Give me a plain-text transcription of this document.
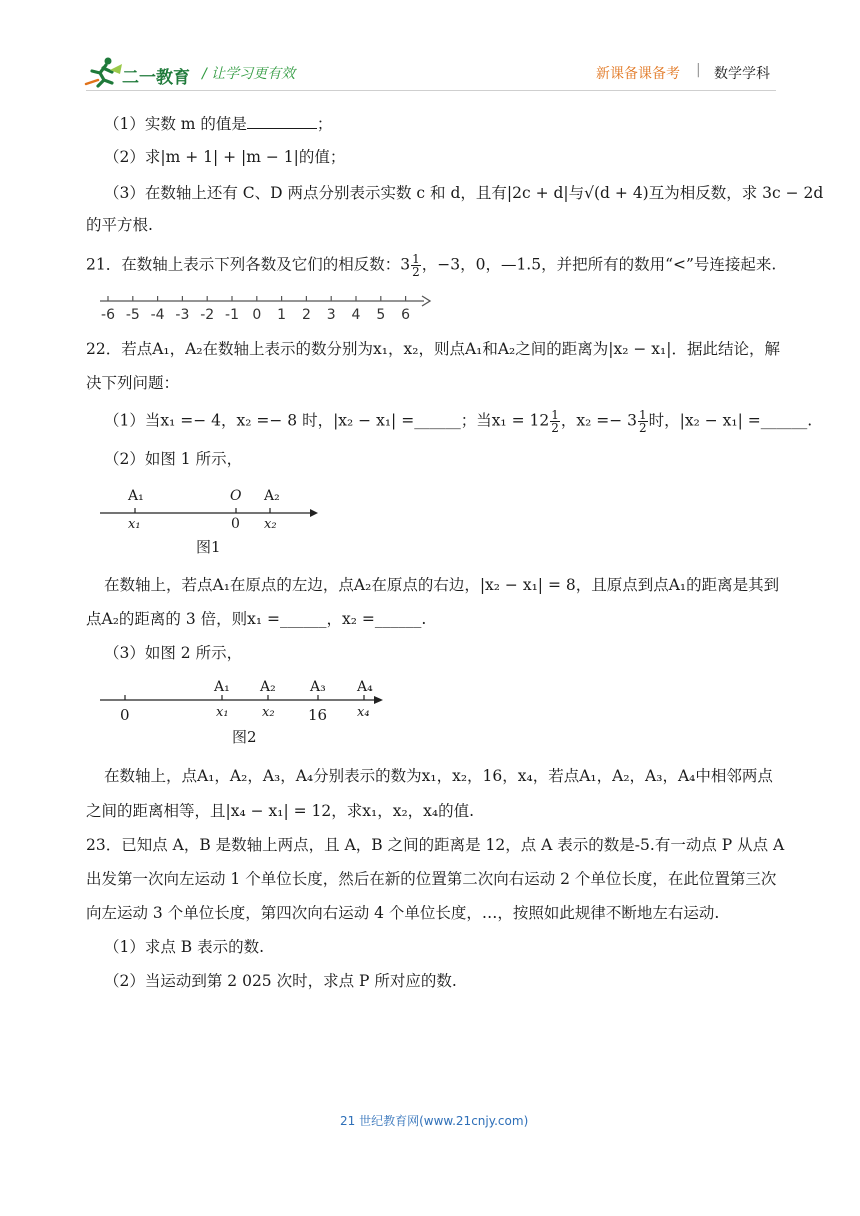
二一教育 / 让学习更有效	新课备课备考 | 数学学科
（1）实数 m 的值是	；
（2）求|m + 1| + |m − 1|的值；
（3）在数轴上还有 C、D 两点分别表示实数 c 和 d，且有|2c + d|与√(d + 4)互为相反数，求 3c − 2d
的平方根.
21．在数轴上表示下列各数及它们的相反数：$3 \frac{1}{2}$ ，−3，0，—1.5，并把所有的数用“<”号连接起来.
-6 -5 -4 -3 -2 -1 0 1 2 3 4 5 6
22．若点A₁，A₂在数轴上表示的数分别为x₁，x₂，则点A₁和A₂之间的距离为|x₂ − x₁|．据此结论，解
决下列问题：
（1）当x₁ =− 4，x₂ =− 8 时，|x₂ − x₁| =______；当$x_1 = 12 \frac{1}{2}$ ，$x_2 =- 3 \frac{1}{2}$ 时，|x₂ − x₁| =______.
（2）如图 1 所示，
A₁	O A₂
x₁	0 x₂
图1
在数轴上，若点A₁在原点的左边，点A₂在原点的右边，|x₂ − x₁| = 8，且原点到点A₁的距离是其到
点A₂的距离的 3 倍，则x₁ =______，x₂ =______.
（3）如图 2 所示，
0
A₁ A₂ A₃ A₄
x₁	x₂ 16 x₄
图2
在数轴上，点A₁，A₂，A₃，A₄分别表示的数为x₁，x₂，16，x₄，若点A₁，A₂，A₃，A₄中相邻两点
之间的距离相等，且|x₄ − x₁| = 12，求x₁，x₂，x₄的值.
23．已知点 A，B 是数轴上两点，且 A，B 之间的距离是 12，点 A 表示的数是-5.有一动点 P 从点 A
出发第一次向左运动 1 个单位长度，然后在新的位置第二次向右运动 2 个单位长度，在此位置第三次
向左运动 3 个单位长度，第四次向右运动 4 个单位长度，…，按照如此规律不断地左右运动.
（1）求点 B 表示的数.
（2）当运动到第 2 025 次时，求点 P 所对应的数.
21 世纪教育网(www.21cnjy.com)
